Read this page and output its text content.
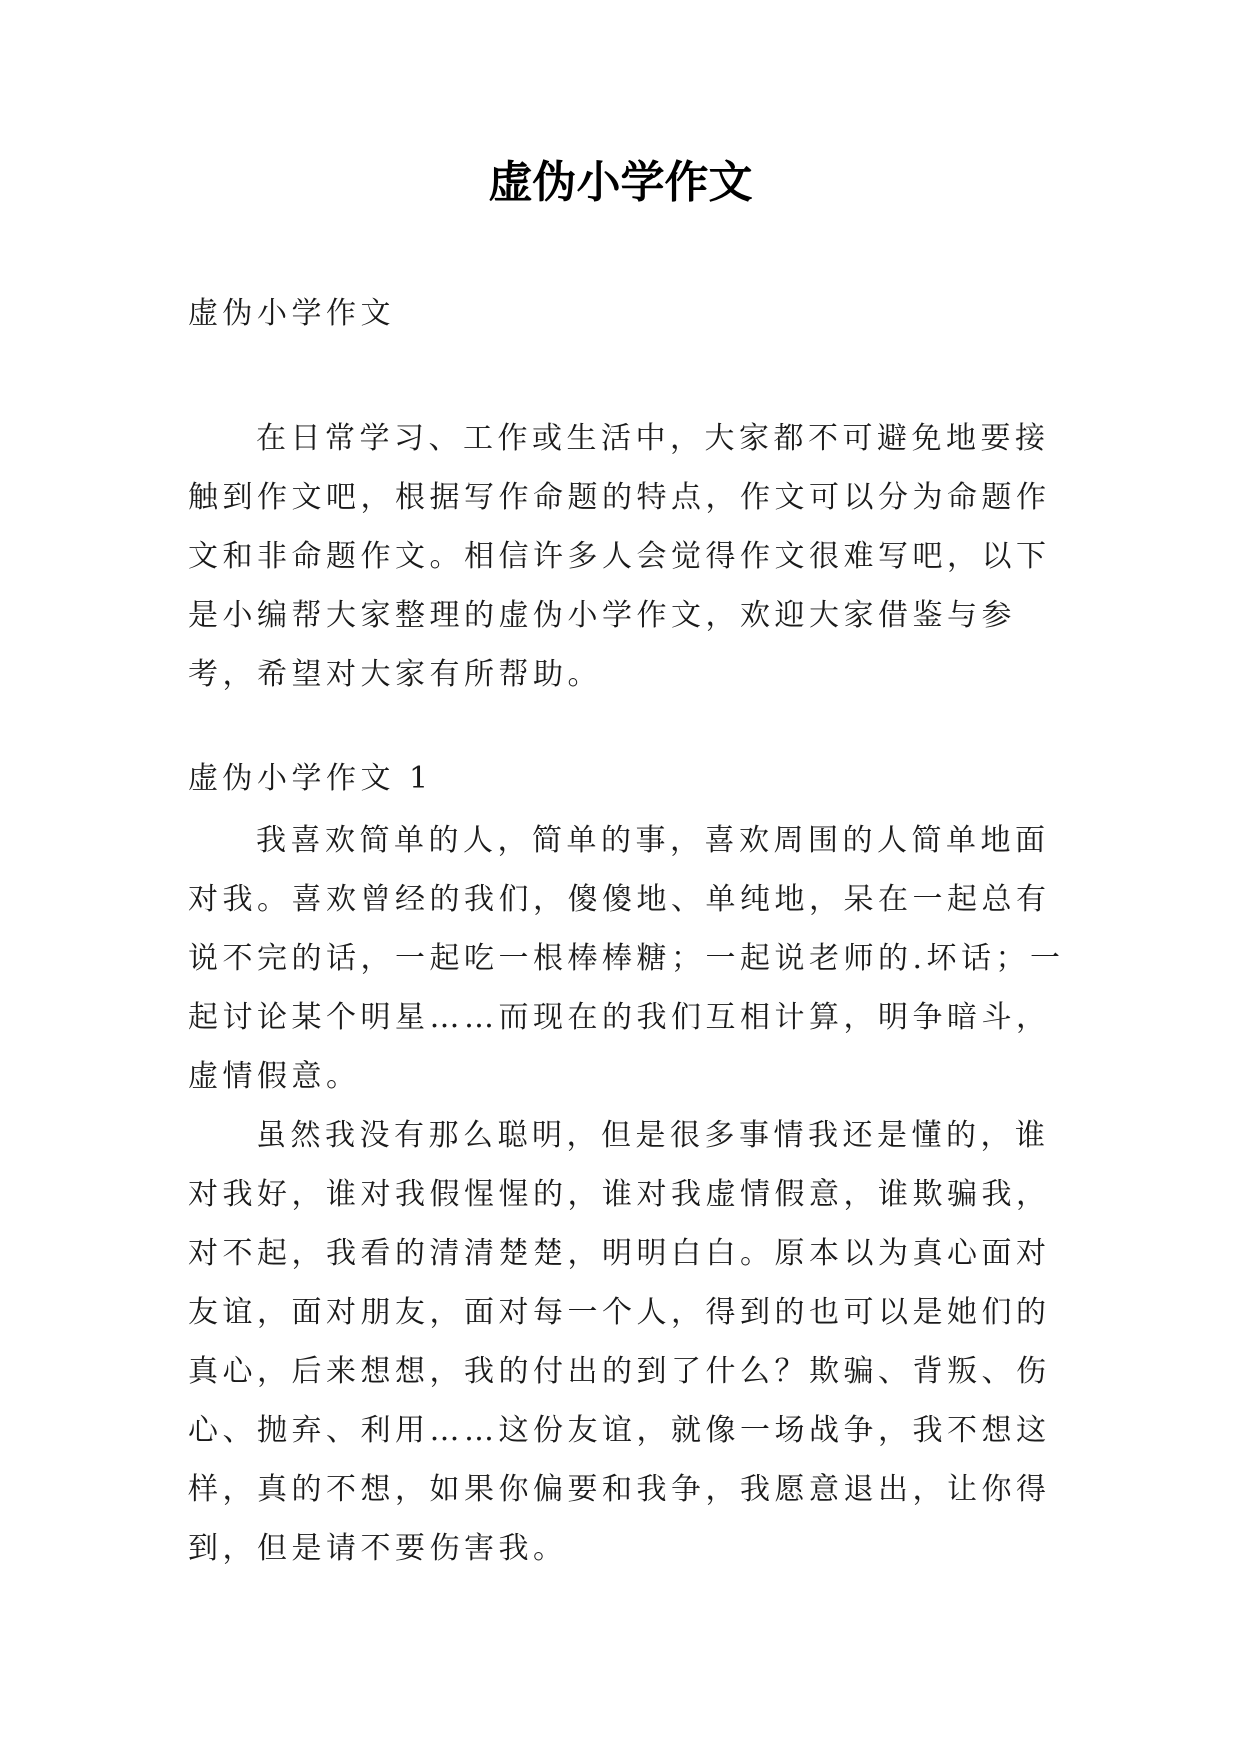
虚伪小学作文

虚伪小学作文

在日常学习、工作或生活中，大家都不可避免地要接触到作文吧，根据写作命题的特点，作文可以分为命题作文和非命题作文。相信许多人会觉得作文很难写吧，以下是小编帮大家整理的虚伪小学作文，欢迎大家借鉴与参考，希望对大家有所帮助。

虚伪小学作文 1

我喜欢简单的人，简单的事，喜欢周围的人简单地面对我。喜欢曾经的我们，傻傻地、单纯地，呆在一起总有说不完的话，一起吃一根棒棒糖；一起说老师的.坏话；一起讨论某个明星……而现在的我们互相计算，明争暗斗，虚情假意。

虽然我没有那么聪明，但是很多事情我还是懂的，谁对我好，谁对我假惺惺的，谁对我虚情假意，谁欺骗我，对不起，我看的清清楚楚，明明白白。原本以为真心面对友谊，面对朋友，面对每一个人，得到的也可以是她们的真心，后来想想，我的付出的到了什么？欺骗、背叛、伤心、抛弃、利用……这份友谊，就像一场战争，我不想这样，真的不想，如果你偏要和我争，我愿意退出，让你得到，但是请不要伤害我。
